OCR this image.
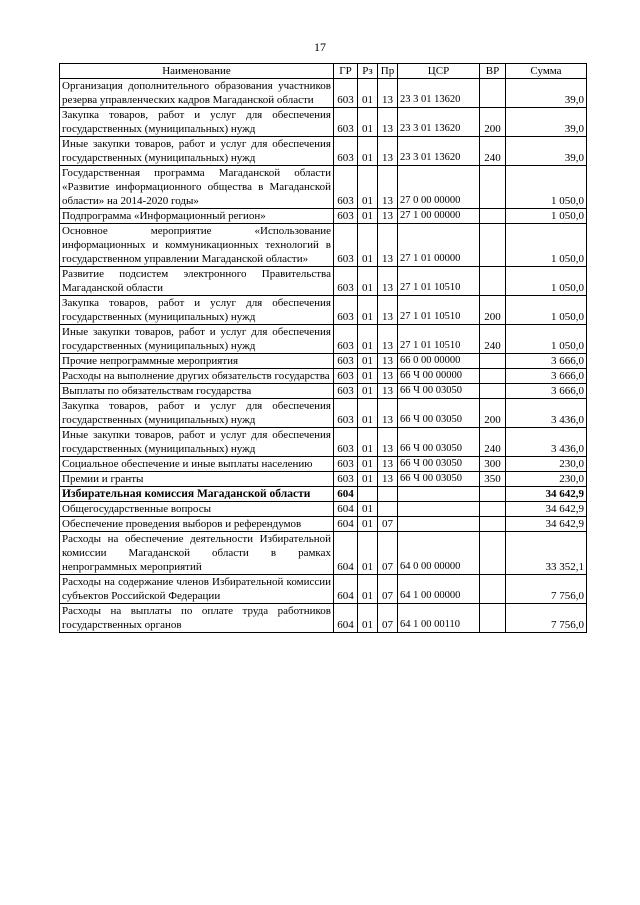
17
Наименование	ГР	Рз	Пр	ЦСР	ВР	Сумма
Организация дополнительного образования участников резерва управленческих кадров Магаданской области	603	01	13	23 3 01 13620		39,0
Закупка товаров, работ и услуг для обеспечения государственных (муниципальных) нужд	603	01	13	23 3 01 13620	200	39,0
Иные закупки товаров, работ и услуг для обеспечения государственных (муниципальных) нужд	603	01	13	23 3 01 13620	240	39,0
Государственная программа Магаданской области «Развитие информационного общества в Магаданской области» на 2014-2020 годы»	603	01	13	27 0 00 00000		1 050,0
Подпрограмма «Информационный регион»	603	01	13	27 1 00 00000		1 050,0
Основное мероприятие «Использование информационных и коммуникационных технологий в государственном управлении Магаданской области»	603	01	13	27 1 01 00000		1 050,0
Развитие подсистем электронного Правительства Магаданской области	603	01	13	27 1 01 10510		1 050,0
Закупка товаров, работ и услуг для обеспечения государственных (муниципальных) нужд	603	01	13	27 1 01 10510	200	1 050,0
Иные закупки товаров, работ и услуг для обеспечения государственных (муниципальных) нужд	603	01	13	27 1 01 10510	240	1 050,0
Прочие непрограммные мероприятия	603	01	13	66 0 00 00000		3 666,0
Расходы на выполнение других обязательств государства	603	01	13	66 Ч 00 00000		3 666,0
Выплаты по обязательствам государства	603	01	13	66 Ч 00 03050		3 666,0
Закупка товаров, работ и услуг для обеспечения государственных (муниципальных) нужд	603	01	13	66 Ч 00 03050	200	3 436,0
Иные закупки товаров, работ и услуг для обеспечения государственных (муниципальных) нужд	603	01	13	66 Ч 00 03050	240	3 436,0
Социальное обеспечение и иные выплаты населению	603	01	13	66 Ч 00 03050	300	230,0
Премии и гранты	603	01	13	66 Ч 00 03050	350	230,0
Избирательная комиссия Магаданской области	604					34 642,9
Общегосударственные вопросы	604	01				34 642,9
Обеспечение проведения выборов и референдумов	604	01	07			34 642,9
Расходы на обеспечение деятельности Избирательной комиссии Магаданской области в рамках непрограммных мероприятий	604	01	07	64 0 00 00000		33 352,1
Расходы на содержание членов Избирательной комиссии субъектов Российской Федерации	604	01	07	64 1 00 00000		7 756,0
Расходы на выплаты по оплате труда работников государственных органов	604	01	07	64 1 00 00110		7 756,0
